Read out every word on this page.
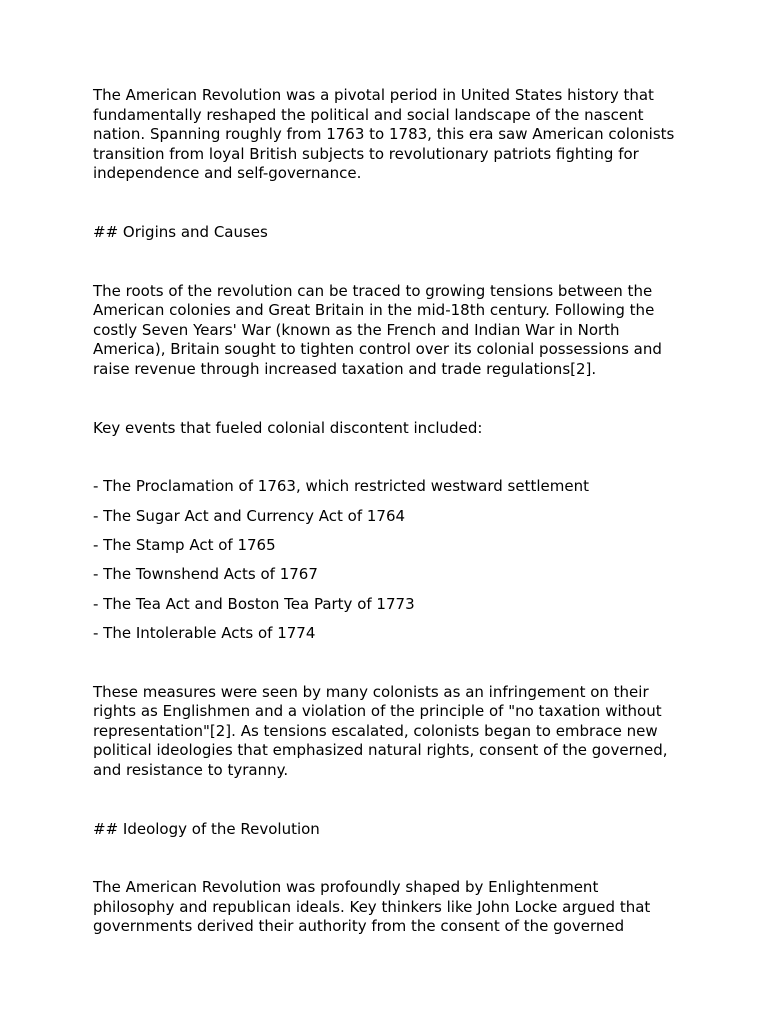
The American Revolution was a pivotal period in United States history that fundamentally reshaped the political and social landscape of the nascent nation. Spanning roughly from 1763 to 1783, this era saw American colonists transition from loyal British subjects to revolutionary patriots fighting for independence and self-governance.

## Origins and Causes

The roots of the revolution can be traced to growing tensions between the American colonies and Great Britain in the mid-18th century. Following the costly Seven Years' War (known as the French and Indian War in North America), Britain sought to tighten control over its colonial possessions and raise revenue through increased taxation and trade regulations[2].

Key events that fueled colonial discontent included:

- The Proclamation of 1763, which restricted westward settlement
- The Sugar Act and Currency Act of 1764
- The Stamp Act of 1765
- The Townshend Acts of 1767
- The Tea Act and Boston Tea Party of 1773
- The Intolerable Acts of 1774

These measures were seen by many colonists as an infringement on their rights as Englishmen and a violation of the principle of "no taxation without representation"[2]. As tensions escalated, colonists began to embrace new political ideologies that emphasized natural rights, consent of the governed, and resistance to tyranny.

## Ideology of the Revolution

The American Revolution was profoundly shaped by Enlightenment philosophy and republican ideals. Key thinkers like John Locke argued that governments derived their authority from the consent of the governed
